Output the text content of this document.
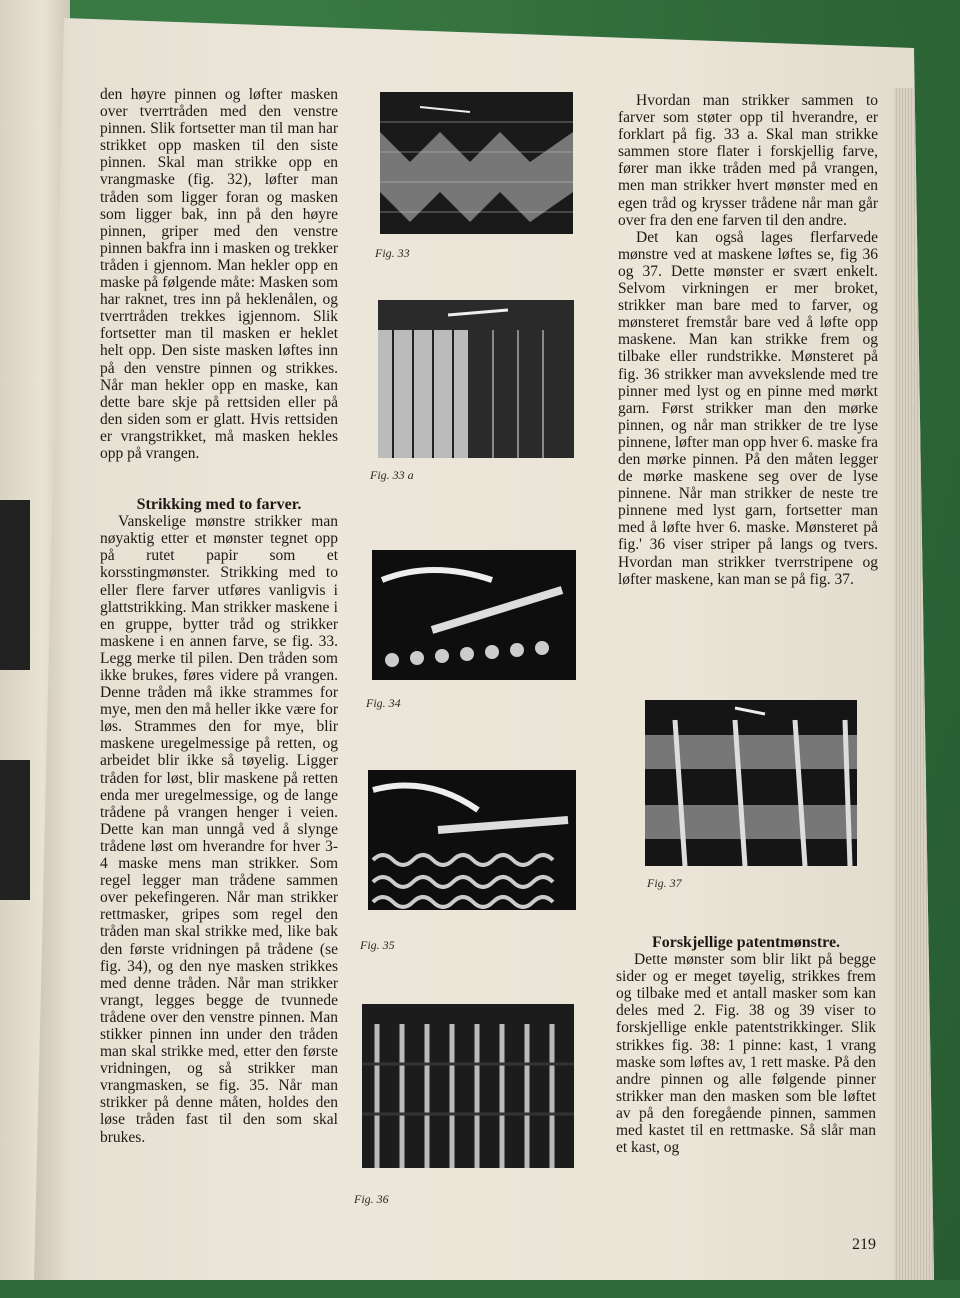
den høyre pinnen og løfter masken over tverrtråden med den venstre pinnen. Slik fortsetter man til man har strikket opp masken til den siste pinnen. Skal man strikke opp en vrangmaske (fig. 32), løfter man tråden som ligger foran og masken som ligger bak, inn på den høyre pinnen, griper med den venstre pinnen bakfra inn i masken og trekker tråden i gjennom. Man hekler opp en maske på følgende måte: Masken som har raknet, tres inn på heklenålen, og tverrtråden trekkes igjennom. Slik fortsetter man til masken er heklet helt opp. Den siste masken løftes inn på den venstre pinnen og strikkes. Når man hekler opp en maske, kan dette bare skje på rettsiden eller på den siden som er glatt. Hvis rettsiden er vrangstrikket, må masken hekles opp på vrangen.

Strikking med to farver.

Vanskelige mønstre strikker man nøyaktig etter et mønster tegnet opp på rutet papir som et korsstingmønster. Strikking med to eller flere farver utføres vanligvis i glattstrikking. Man strikker maskene i en gruppe, bytter tråd og strikker maskene i en annen farve, se fig. 33. Legg merke til pilen. Den tråden som ikke brukes, føres videre på vrangen. Denne tråden må ikke strammes for mye, men den må heller ikke være for løs. Strammes den for mye, blir maskene uregelmessige på retten, og arbeidet blir ikke så tøyelig. Ligger tråden for løst, blir maskene på retten enda mer uregelmessige, og de lange trådene på vrangen henger i veien. Dette kan man unngå ved å slynge trådene løst om hverandre for hver 3-4 maske mens man strikker. Som regel legger man trådene sammen over pekefingeren. Når man strikker rettmasker, gripes som regel den tråden man skal strikke med, like bak den første vridningen på trådene (se fig. 34), og den nye masken strikkes med denne tråden. Når man strikker vrangt, legges begge de tvunnede trådene over den venstre pinnen. Man stikker pinnen inn under den tråden man skal strikke med, etter den første vridningen, og så strikker man vrangmasken, se fig. 35. Når man strikker på denne måten, holdes den løse tråden fast til den som skal brukes.

Fig. 33
Fig. 33 a
Fig. 34
Fig. 35
Fig. 36

Hvordan man strikker sammen to farver som støter opp til hverandre, er forklart på fig. 33 a. Skal man strikke sammen store flater i forskjellig farve, fører man ikke tråden med på vrangen, men man strikker hvert mønster med en egen tråd og krysser trådene når man går over fra den ene farven til den andre.

Det kan også lages flerfarvede mønstre ved at maskene løftes se, fig 36 og 37. Dette mønster er svært enkelt. Selvom virkningen er mer broket, strikker man bare med to farver, og mønsteret fremstår bare ved å løfte opp maskene. Man kan strikke frem og tilbake eller rundstrikke. Mønsteret på fig. 36 strikker man avvekslende med tre pinner med lyst og en pinne med mørkt garn. Først strikker man den mørke pinnen, og når man strikker de tre lyse pinnene, løfter man opp hver 6. maske fra den mørke pinnen. På den måten legger de mørke maskene seg over de lyse pinnene. Når man strikker de neste tre pinnene med lyst garn, fortsetter man med å løfte hver 6. maske. Mønsteret på fig.' 36 viser striper på langs og tvers. Hvordan man strikker tverrstripene og løfter maskene, kan man se på fig. 37.

Fig. 37

Forskjellige patentmønstre.

Dette mønster som blir likt på begge sider og er meget tøyelig, strikkes frem og tilbake med et antall masker som kan deles med 2. Fig. 38 og 39 viser to forskjellige enkle patentstrikkinger. Slik strikkes fig. 38: 1 pinne: kast, 1 vrang maske som løftes av, 1 rett maske. På den andre pinnen og alle følgende pinner strikker man den masken som ble løftet av på den foregående pinnen, sammen med kastet til en rettmaske. Så slår man et kast, og

219
